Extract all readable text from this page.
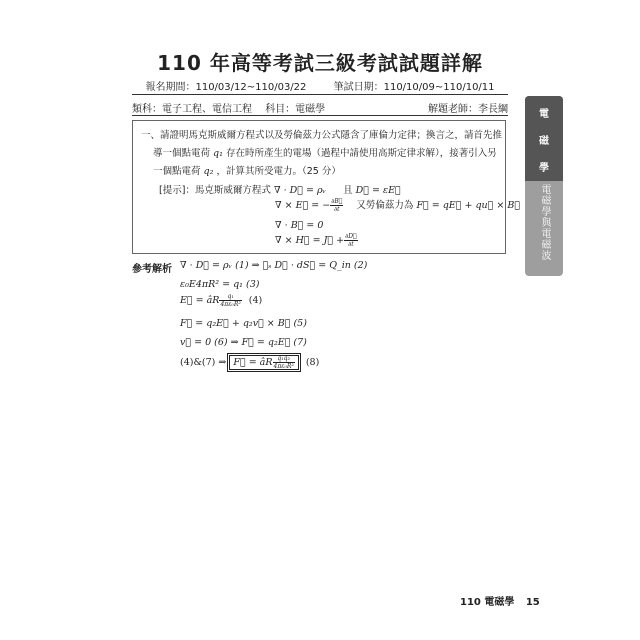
110 年高等考試三級考試試題詳解
報名期間：110/03/12~110/03/22	筆試日期：110/10/09~110/10/11
類科：電子工程、電信工程 科目：電磁學	解題老師：李長綱
一、請證明馬克斯威爾方程式以及勞倫茲力公式隱含了庫倫力定律；換言之，請首先推
導一個點電荷 q₁ 存在時所產生的電場（過程中請使用高斯定律求解），接著引入另
一個點電荷 q₂ ，計算其所受電力。（25 分）
[提示]：馬克斯威爾方程式 ∇ · D⃗ = ρᵥ 且 D⃗ = εE⃗
∇ × E⃗ = − $\frac{\partial B⃗}{\partial t}$ 又勞倫茲力為 F⃗ = qE⃗ + qu⃗ × B⃗
∇ · B⃗ = 0
∇ × H⃗ = J⃗ + $\frac{\partial D⃗}{\partial t}$
參考解析 ∇ · D⃗ = ρᵥ (1) ⇒ ∯ₛ D⃗ · dS⃗ = Q_in (2)
ε₀E4πR² = q₁ (3)
E⃗ = âR $\frac{\text{q₁}}{\text{4πε₀R²}} (4)$
F⃗ = q₂E⃗ + q₂v⃗ × B⃗ (5)
v⃗ = 0 (6) ⇒ F⃗ = q₂E⃗ (7)
(4)&(7) ⇒ F⃗ = âR $\frac{\text{q₁q₂}}{\text{4πε₀R²}} (8)$
電
磁
學
電磁學與電磁波
110 電磁學 15
